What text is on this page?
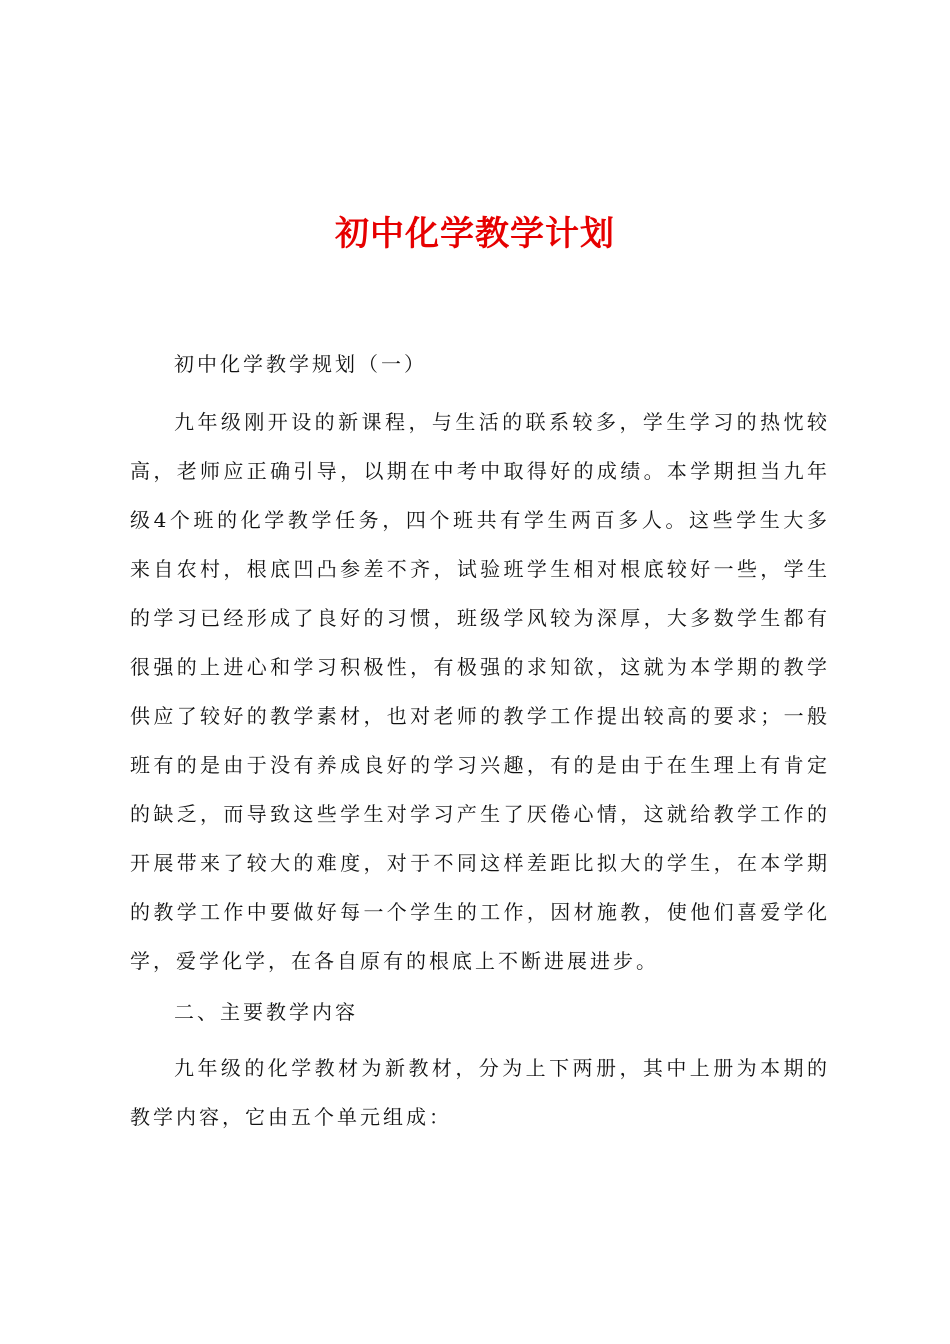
初中化学教学计划
初中化学教学规划（一）
九年级刚开设的新课程，与生活的联系较多，学生学习的热忱较高，老师应正确引导，以期在中考中取得好的成绩。本学期担当九年级4个班的化学教学任务，四个班共有学生两百多人。这些学生大多来自农村，根底凹凸参差不齐，试验班学生相对根底较好一些，学生的学习已经形成了良好的习惯，班级学风较为深厚，大多数学生都有很强的上进心和学习积极性，有极强的求知欲，这就为本学期的教学供应了较好的教学素材，也对老师的教学工作提出较高的要求；一般班有的是由于没有养成良好的学习兴趣，有的是由于在生理上有肯定的缺乏，而导致这些学生对学习产生了厌倦心情，这就给教学工作的开展带来了较大的难度，对于不同这样差距比拟大的学生，在本学期的教学工作中要做好每一个学生的工作，因材施教，使他们喜爱学化学，爱学化学，在各自原有的根底上不断进展进步。
二、主要教学内容
九年级的化学教材为新教材，分为上下两册，其中上册为本期的教学内容，它由五个单元组成：
